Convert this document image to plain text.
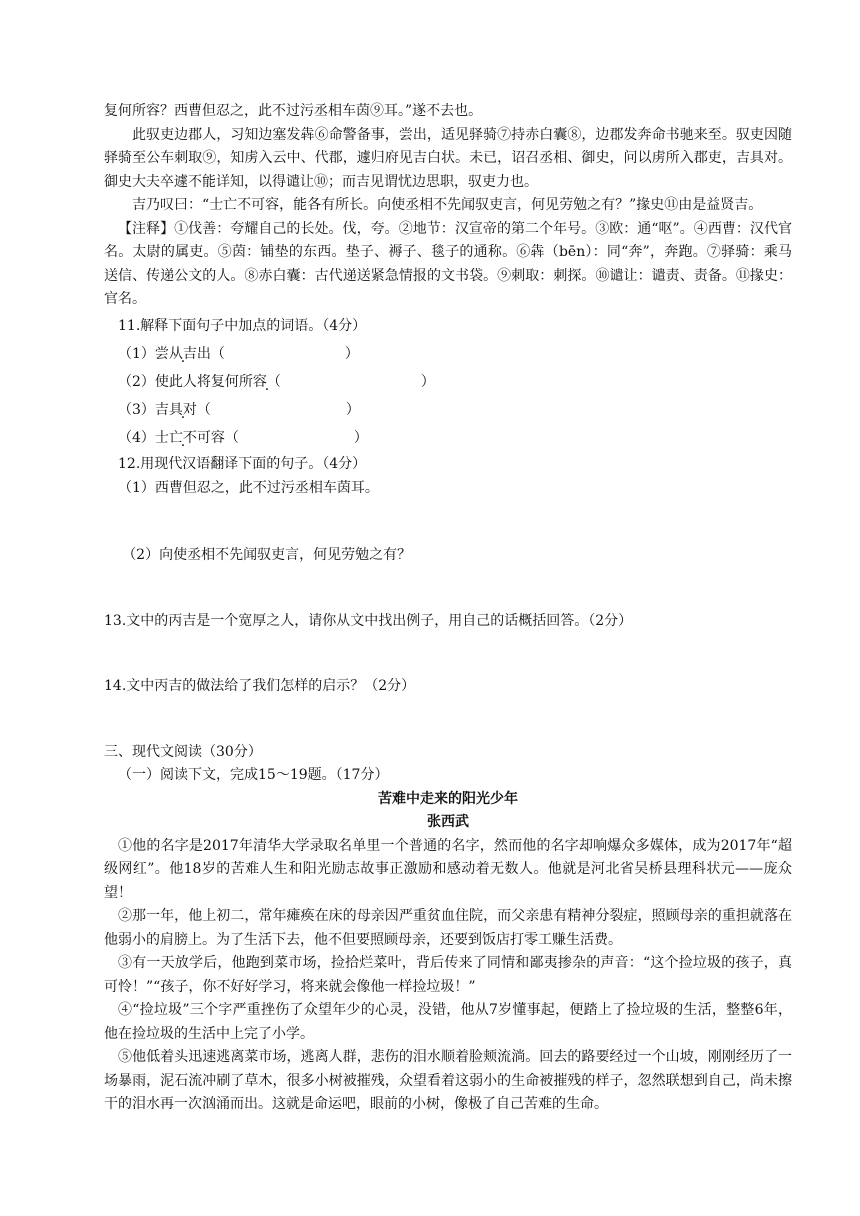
复何所容？西曹但忍之，此不过污丞相车茵⑨耳。”遂不去也。

此驭吏边郡人，习知边塞发犇⑥命警备事，尝出，适见驿骑⑦持赤白囊⑧，边郡发奔命书驰来至。驭吏因随驿骑至公车刺取⑨，知虏入云中、代郡，遽归府见吉白状。未已，诏召丞相、御史，问以虏所入郡吏，吉具对。御史大夫卒遽不能详知，以得谴让⑩；而吉见谓忧边思职，驭吏力也。

吉乃叹曰：“士亡不可容，能各有所长。向使丞相不先闻驭吏言，何见劳勉之有？”掾史⑪由是益贤吉。

【注释】①伐善：夸耀自己的长处。伐，夸。②地节：汉宣帝的第二个年号。③欧：通“呕”。④西曹：汉代官名。太尉的属吏。⑤茵：铺垫的东西。垫子、褥子、毯子的通称。⑥犇（bēn）：同“奔”，奔跑。⑦驿骑：乘马送信、传递公文的人。⑧赤白囊：古代递送紧急情报的文书袋。⑨刺取：刺探。⑩谴让：谴责、责备。⑪掾史：官名。

11.解释下面句子中加点的词语。（4分）

（1）尝从吉出（	）

（2）使此人将复何所容（	）

（3）吉具对（	）

（4）士亡不可容（	）

12.用现代汉语翻译下面的句子。（4分）

（1）西曹但忍之，此不过污丞相车茵耳。

（2）向使丞相不先闻驭吏言，何见劳勉之有？

13.文中的丙吉是一个宽厚之人，请你从文中找出例子，用自己的话概括回答。（2分）

14.文中丙吉的做法给了我们怎样的启示？（2分）

三、现代文阅读（30分）

（一）阅读下文，完成15～19题。（17分）

苦难中走来的阳光少年

张西武

①他的名字是2017年清华大学录取名单里一个普通的名字，然而他的名字却响爆众多媒体，成为2017年“超级网红”。他18岁的苦难人生和阳光励志故事正激励和感动着无数人。他就是河北省吴桥县理科状元——庞众望！

②那一年，他上初二，常年瘫痪在床的母亲因严重贫血住院，而父亲患有精神分裂症，照顾母亲的重担就落在他弱小的肩膀上。为了生活下去，他不但要照顾母亲，还要到饭店打零工赚生活费。

③有一天放学后，他跑到菜市场，捡拾烂菜叶，背后传来了同情和鄙夷掺杂的声音：“这个捡垃圾的孩子，真可怜！”“孩子，你不好好学习，将来就会像他一样捡垃圾！”

④“捡垃圾”三个字严重挫伤了众望年少的心灵，没错，他从7岁懂事起，便踏上了捡垃圾的生活，整整6年，他在捡垃圾的生活中上完了小学。

⑤他低着头迅速逃离菜市场，逃离人群，悲伤的泪水顺着脸颊流淌。回去的路要经过一个山坡，刚刚经历了一场暴雨，泥石流冲刷了草木，很多小树被摧残，众望看着这弱小的生命被摧残的样子，忽然联想到自己，尚未擦干的泪水再一次汹涌而出。这就是命运吧，眼前的小树，像极了自己苦难的生命。
